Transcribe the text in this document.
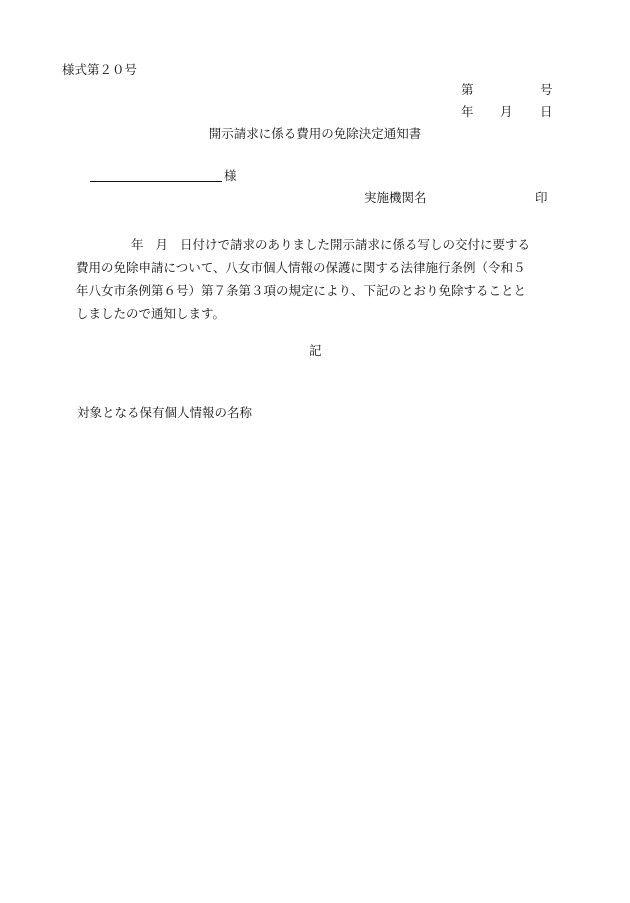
様式第２０号
第	号
年 月 日
開示請求に係る費用の免除決定通知書
様
実施機関名	印
年 月 日付けで請求のありました開示請求に係る写しの交付に要する
費用の免除申請について、八女市個人情報の保護に関する法律施行条例（令和５
年八女市条例第６号）第７条第３項の規定により、下記のとおり免除することと
しましたので通知します。
記
対象となる保有個人情報の名称
